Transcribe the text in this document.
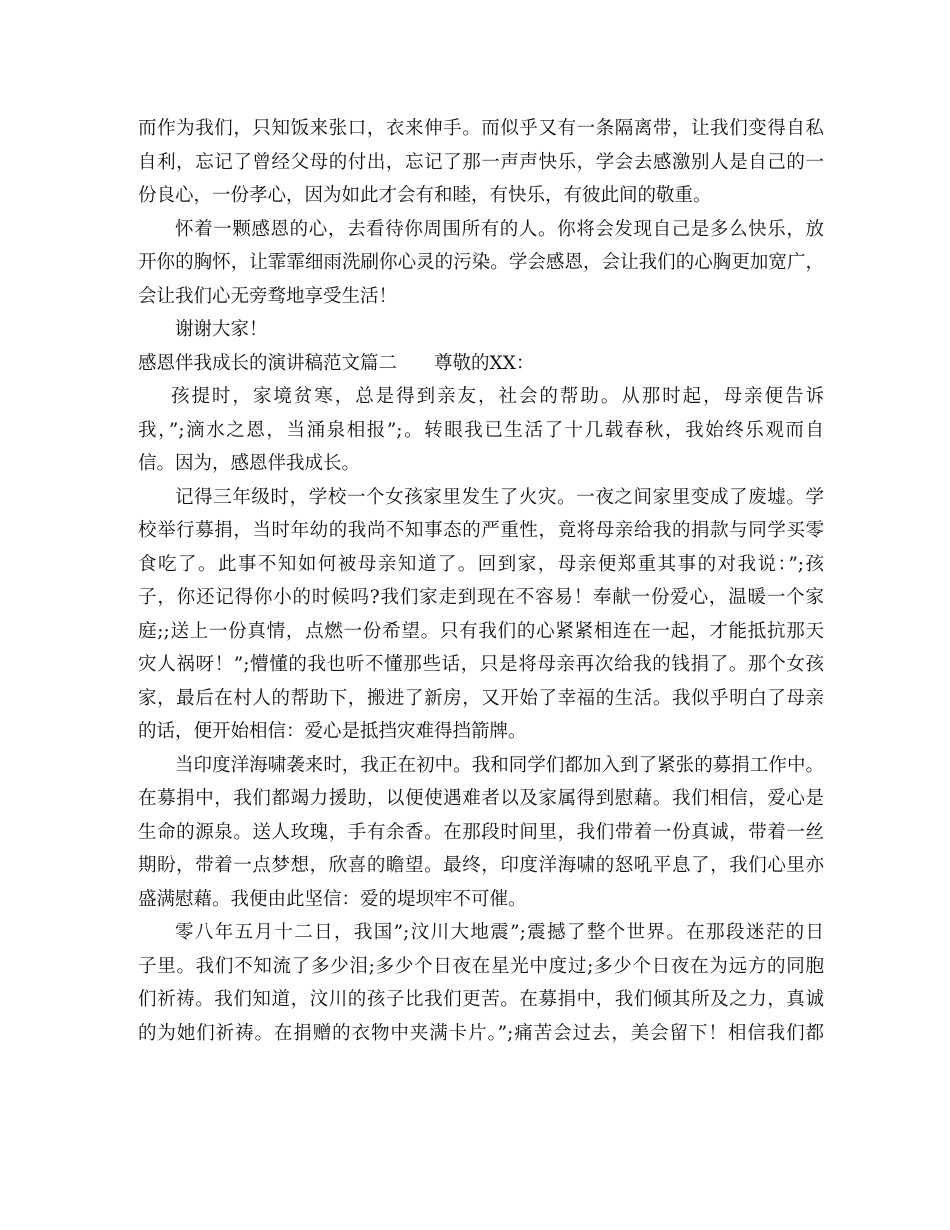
而作为我们，只知饭来张口，衣来伸手。而似乎又有一条隔离带，让我们变得自私
自利，忘记了曾经父母的付出，忘记了那一声声快乐，学会去感激别人是自己的一
份良心，一份孝心，因为如此才会有和睦，有快乐，有彼此间的敬重。
怀着一颗感恩的心，去看待你周围所有的人。你将会发现自己是多么快乐，放
开你的胸怀，让霏霏细雨洗刷你心灵的污染。学会感恩，会让我们的心胸更加宽广，
会让我们心无旁骛地享受生活！
谢谢大家！
感恩伴我成长的演讲稿范文篇二 尊敬的XX：
孩提时，家境贫寒，总是得到亲友，社会的帮助。从那时起，母亲便告诉
我，”;滴水之恩，当涌泉相报”;。转眼我已生活了十几载春秋，我始终乐观而自
信。因为，感恩伴我成长。
记得三年级时，学校一个女孩家里发生了火灾。一夜之间家里变成了废墟。学
校举行募捐，当时年幼的我尚不知事态的严重性，竟将母亲给我的捐款与同学买零
食吃了。此事不知如何被母亲知道了。回到家，母亲便郑重其事的对我说：”;孩
子，你还记得你小的时候吗?我们家走到现在不容易！奉献一份爱心，温暖一个家
庭;;送上一份真情，点燃一份希望。只有我们的心紧紧相连在一起，才能抵抗那天
灾人祸呀！”;懵懂的我也听不懂那些话，只是将母亲再次给我的钱捐了。那个女孩
家，最后在村人的帮助下，搬进了新房，又开始了幸福的生活。我似乎明白了母亲
的话，便开始相信：爱心是抵挡灾难得挡箭牌。
当印度洋海啸袭来时，我正在初中。我和同学们都加入到了紧张的募捐工作中。
在募捐中，我们都竭力援助，以便使遇难者以及家属得到慰藉。我们相信，爱心是
生命的源泉。送人玫瑰，手有余香。在那段时间里，我们带着一份真诚，带着一丝
期盼，带着一点梦想，欣喜的瞻望。最终，印度洋海啸的怒吼平息了，我们心里亦
盛满慰藉。我便由此坚信：爱的堤坝牢不可催。
零八年五月十二日，我国”;汶川大地震”;震撼了整个世界。在那段迷茫的日
子里。我们不知流了多少泪;多少个日夜在星光中度过;多少个日夜在为远方的同胞
们祈祷。我们知道，汶川的孩子比我们更苦。在募捐中，我们倾其所及之力，真诚
的为她们祈祷。在捐赠的衣物中夹满卡片。”;痛苦会过去，美会留下！相信我们都
